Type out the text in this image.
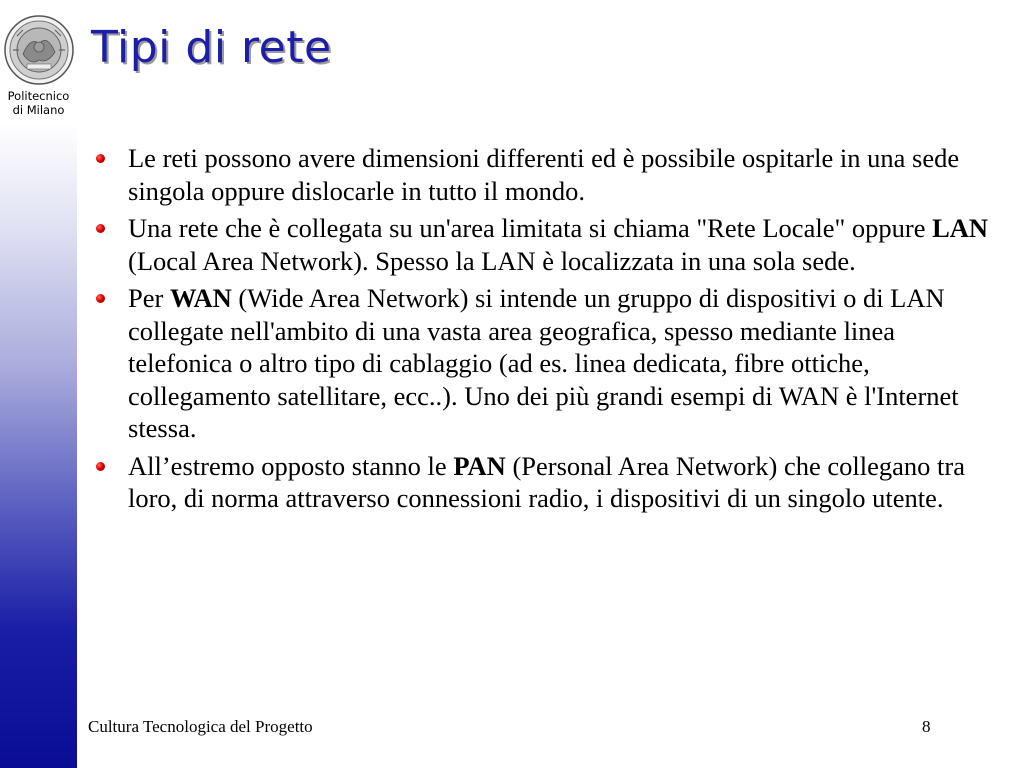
Politecnico
di Milano
Tipi di rete
Le reti possono avere dimensioni differenti ed è possibile ospitarle in una sede singola oppure dislocarle in tutto il mondo.
Una rete che è collegata su un'area limitata si chiama "Rete Locale" oppure LAN (Local Area Network). Spesso la LAN è localizzata in una sola sede.
Per WAN (Wide Area Network) si intende un gruppo di dispositivi o di LAN collegate nell'ambito di una vasta area geografica, spesso mediante linea telefonica o altro tipo di cablaggio (ad es. linea dedicata, fibre ottiche, collegamento satellitare, ecc..). Uno dei più grandi esempi di WAN è l'Internet stessa.
All’estremo opposto stanno le PAN (Personal Area Network) che collegano tra loro, di norma attraverso connessioni radio, i dispositivi di un singolo utente.
Cultura Tecnologica del Progetto	8
